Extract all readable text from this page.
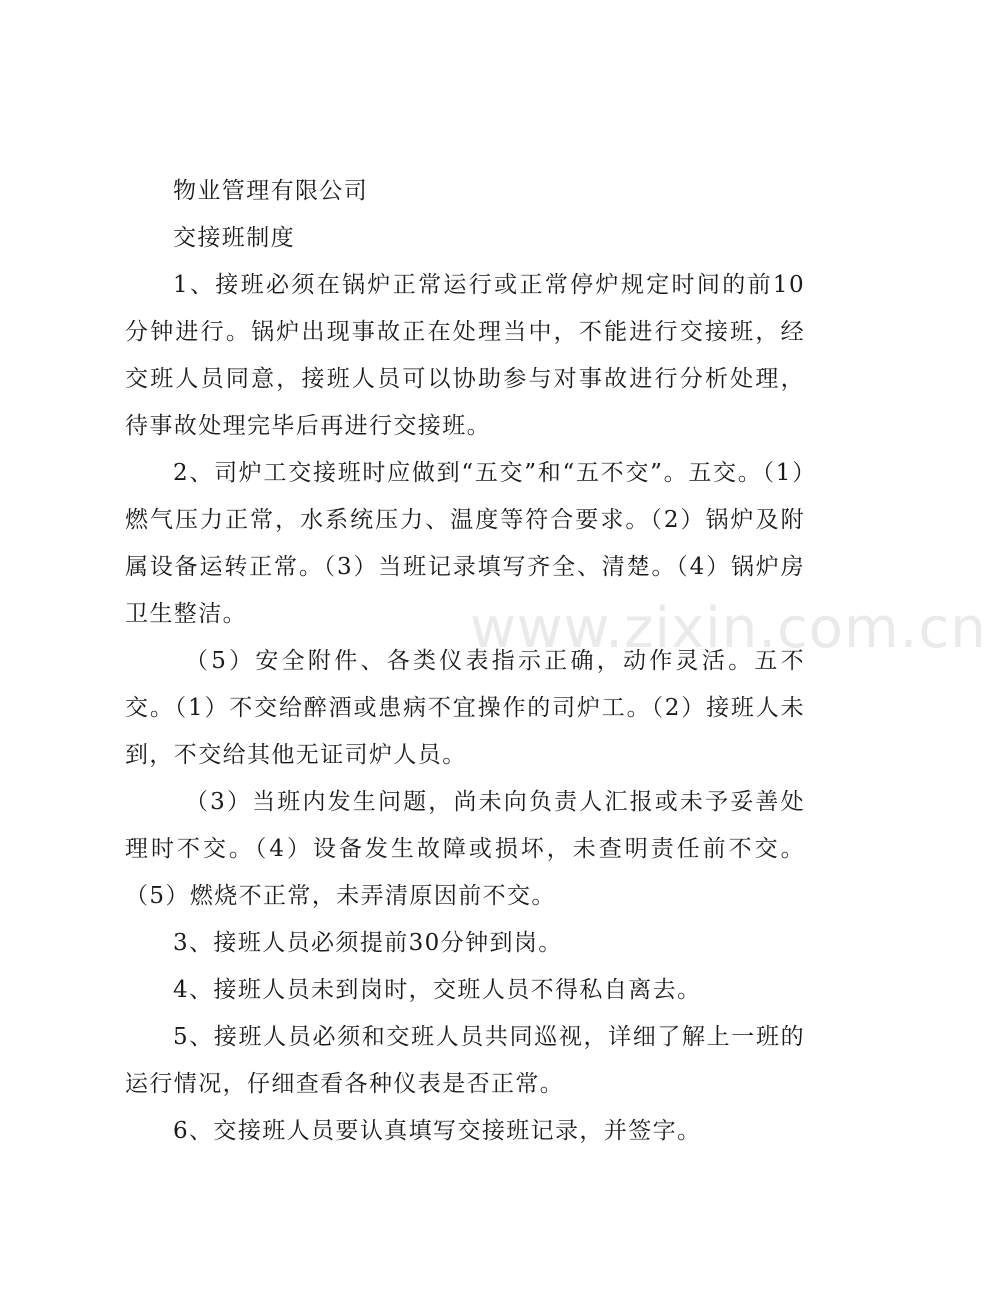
www.zixin.com.cn

物业管理有限公司

交接班制度

1、接班必须在锅炉正常运行或正常停炉规定时间的前10分钟进行。锅炉出现事故正在处理当中，不能进行交接班，经交班人员同意，接班人员可以协助参与对事故进行分析处理，待事故处理完毕后再进行交接班。

2、司炉工交接班时应做到“五交”和“五不交”。五交。（1）燃气压力正常，水系统压力、温度等符合要求。（2）锅炉及附属设备运转正常。（3）当班记录填写齐全、清楚。（4）锅炉房卫生整洁。

（5）安全附件、各类仪表指示正确，动作灵活。五不交。（1）不交给醉酒或患病不宜操作的司炉工。（2）接班人未到，不交给其他无证司炉人员。

（3）当班内发生问题，尚未向负责人汇报或未予妥善处理时不交。（4）设备发生故障或损坏，未查明责任前不交。（5）燃烧不正常，未弄清原因前不交。

3、接班人员必须提前30分钟到岗。

4、接班人员未到岗时，交班人员不得私自离去。

5、接班人员必须和交班人员共同巡视，详细了解上一班的运行情况，仔细查看各种仪表是否正常。

6、交接班人员要认真填写交接班记录，并签字。
